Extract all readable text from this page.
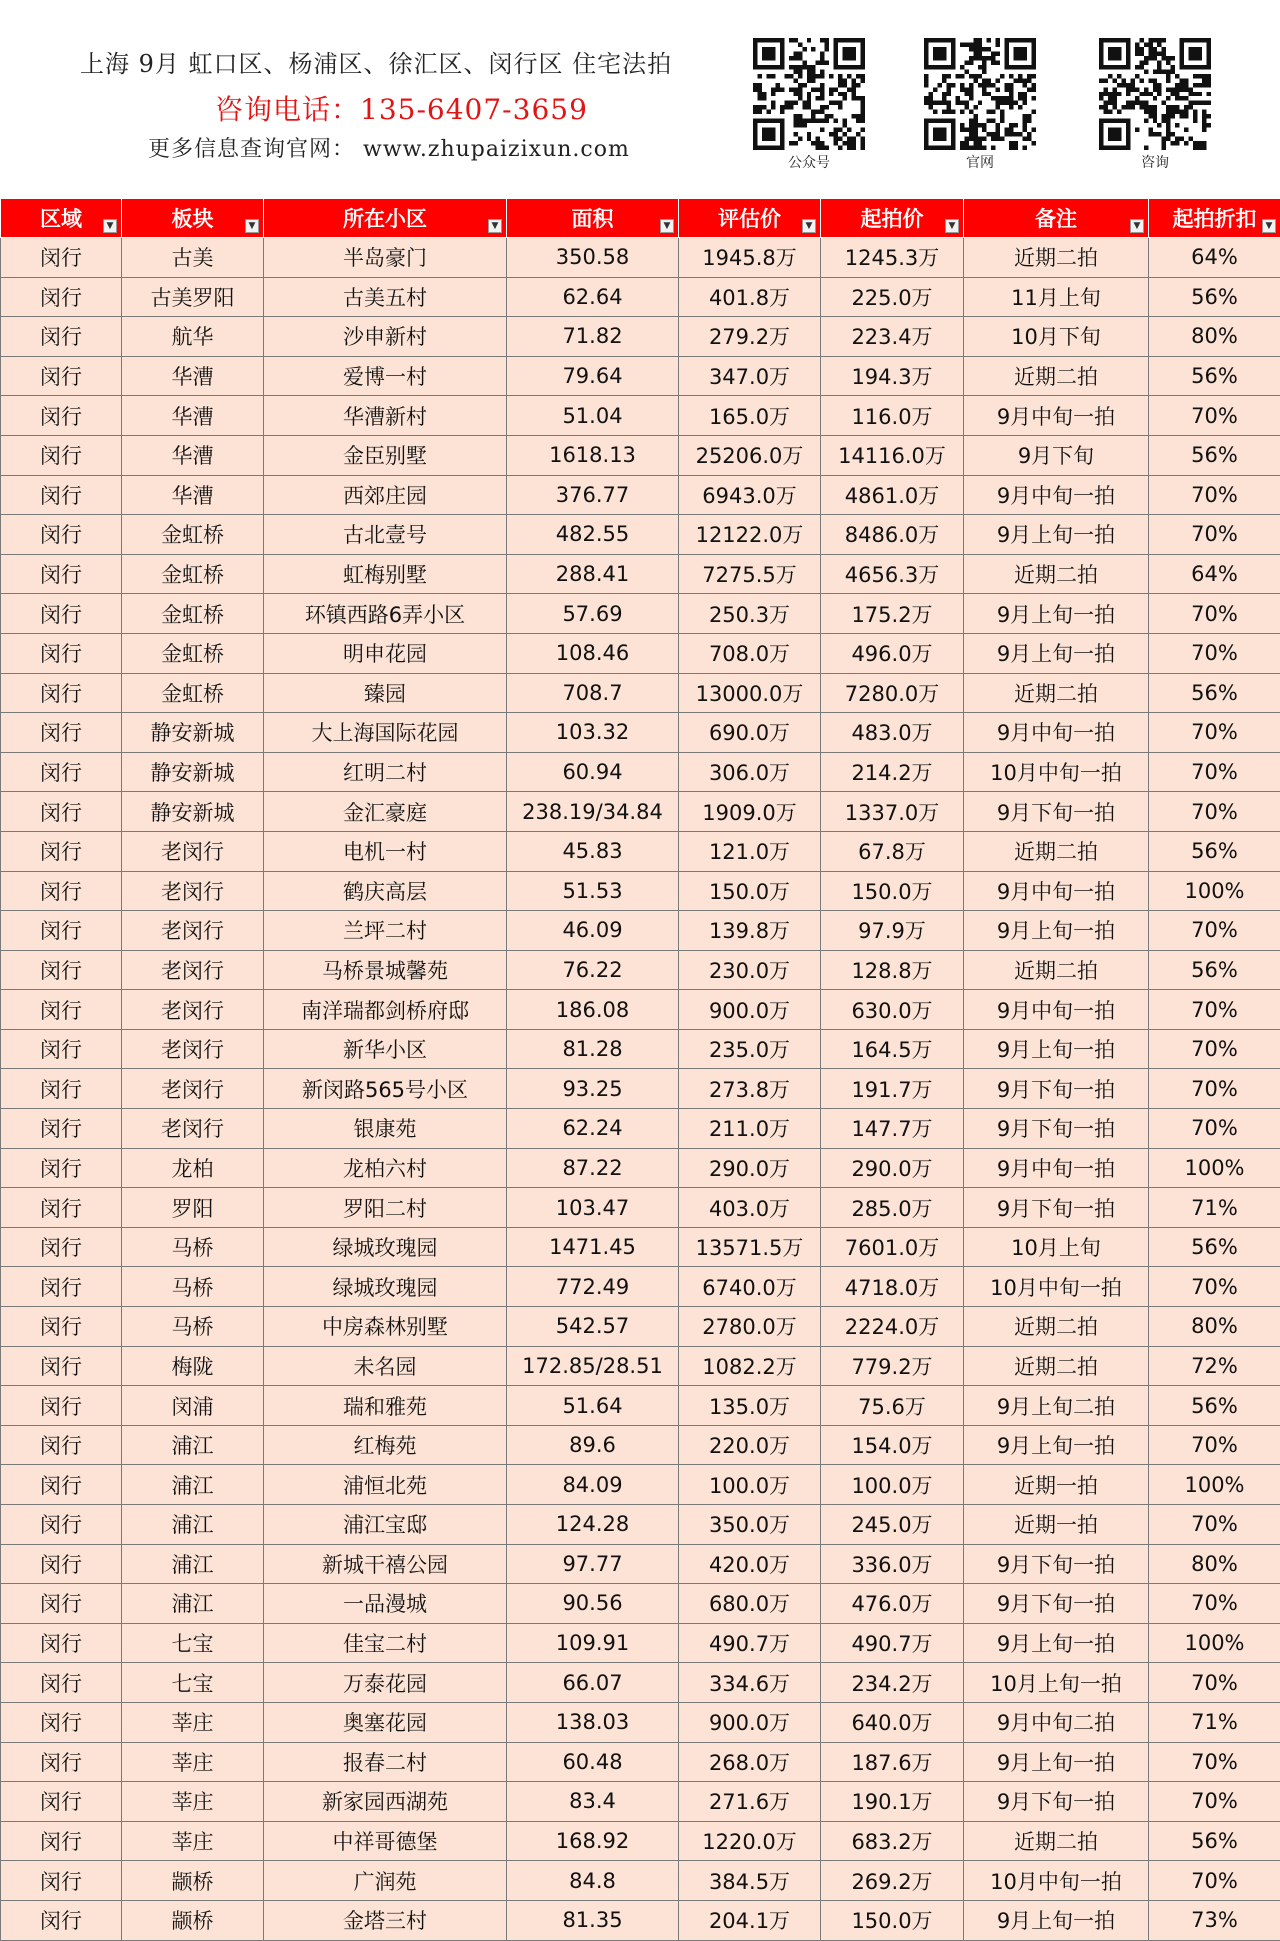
上海 9月 虹口区、杨浦区、徐汇区、闵行区 住宅法拍
咨询电话：135-6407-3659
更多信息查询官网： www.zhupaizixun.com
公众号	官网	咨询
区域 ▼	板块 ▼	所在小区 ▼	面积 ▼	评估价 ▼	起拍价 ▼	备注 ▼	起拍折扣 ▼

闵行	古美	半岛豪门	350.58	1945.8万	1245.3万	近期二拍	64%
闵行	古美罗阳	古美五村	62.64	401.8万	225.0万	11月上旬	56%
闵行	航华	沙申新村	71.82	279.2万	223.4万	10月下旬	80%
闵行	华漕	爱博一村	79.64	347.0万	194.3万	近期二拍	56%
闵行	华漕	华漕新村	51.04	165.0万	116.0万	9月中旬一拍	70%
闵行	华漕	金臣别墅	1618.13	25206.0万	14116.0万	9月下旬	56%
闵行	华漕	西郊庄园	376.77	6943.0万	4861.0万	9月中旬一拍	70%
闵行	金虹桥	古北壹号	482.55	12122.0万	8486.0万	9月上旬一拍	70%
闵行	金虹桥	虹梅别墅	288.41	7275.5万	4656.3万	近期二拍	64%
闵行	金虹桥	环镇西路6弄小区	57.69	250.3万	175.2万	9月上旬一拍	70%
闵行	金虹桥	明申花园	108.46	708.0万	496.0万	9月上旬一拍	70%
闵行	金虹桥	臻园	708.7	13000.0万	7280.0万	近期二拍	56%
闵行	静安新城	大上海国际花园	103.32	690.0万	483.0万	9月中旬一拍	70%
闵行	静安新城	红明二村	60.94	306.0万	214.2万	10月中旬一拍	70%
闵行	静安新城	金汇豪庭	238.19/34.84	1909.0万	1337.0万	9月下旬一拍	70%
闵行	老闵行	电机一村	45.83	121.0万	67.8万	近期二拍	56%
闵行	老闵行	鹤庆高层	51.53	150.0万	150.0万	9月中旬一拍	100%
闵行	老闵行	兰坪二村	46.09	139.8万	97.9万	9月上旬一拍	70%
闵行	老闵行	马桥景城馨苑	76.22	230.0万	128.8万	近期二拍	56%
闵行	老闵行	南洋瑞都剑桥府邸	186.08	900.0万	630.0万	9月中旬一拍	70%
闵行	老闵行	新华小区	81.28	235.0万	164.5万	9月上旬一拍	70%
闵行	老闵行	新闵路565号小区	93.25	273.8万	191.7万	9月下旬一拍	70%
闵行	老闵行	银康苑	62.24	211.0万	147.7万	9月下旬一拍	70%
闵行	龙柏	龙柏六村	87.22	290.0万	290.0万	9月中旬一拍	100%
闵行	罗阳	罗阳二村	103.47	403.0万	285.0万	9月下旬一拍	71%
闵行	马桥	绿城玫瑰园	1471.45	13571.5万	7601.0万	10月上旬	56%
闵行	马桥	绿城玫瑰园	772.49	6740.0万	4718.0万	10月中旬一拍	70%
闵行	马桥	中房森林别墅	542.57	2780.0万	2224.0万	近期二拍	80%
闵行	梅陇	未名园	172.85/28.51	1082.2万	779.2万	近期二拍	72%
闵行	闵浦	瑞和雅苑	51.64	135.0万	75.6万	9月上旬二拍	56%
闵行	浦江	红梅苑	89.6	220.0万	154.0万	9月上旬一拍	70%
闵行	浦江	浦恒北苑	84.09	100.0万	100.0万	近期一拍	100%
闵行	浦江	浦江宝邸	124.28	350.0万	245.0万	近期一拍	70%
闵行	浦江	新城干禧公园	97.77	420.0万	336.0万	9月下旬一拍	80%
闵行	浦江	一品漫城	90.56	680.0万	476.0万	9月下旬一拍	70%
闵行	七宝	佳宝二村	109.91	490.7万	490.7万	9月上旬一拍	100%
闵行	七宝	万泰花园	66.07	334.6万	234.2万	10月上旬一拍	70%
闵行	莘庄	奥塞花园	138.03	900.0万	640.0万	9月中旬二拍	71%
闵行	莘庄	报春二村	60.48	268.0万	187.6万	9月上旬一拍	70%
闵行	莘庄	新家园西湖苑	83.4	271.6万	190.1万	9月下旬一拍	70%
闵行	莘庄	中祥哥德堡	168.92	1220.0万	683.2万	近期二拍	56%
闵行	颛桥	广润苑	84.8	384.5万	269.2万	10月中旬一拍	70%
闵行	颛桥	金塔三村	81.35	204.1万	150.0万	9月上旬一拍	73%
